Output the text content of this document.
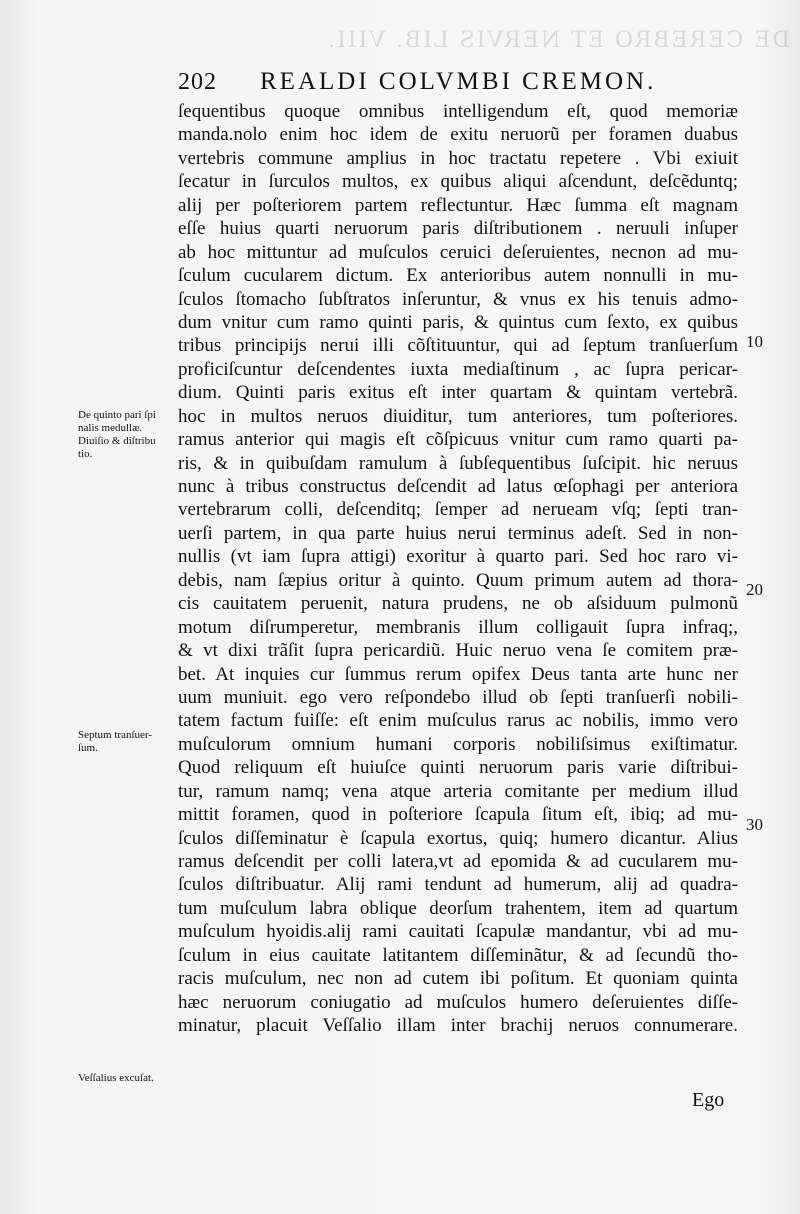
DE CEREBRO ET NERVIS LIB. VIII.
202 REALDI COLVMBI CREMON.
ſequentibus quoque omnibus intelligendum eſt, quod memoriæ
manda.nolo enim hoc idem de exitu neruorũ per foramen duabus
vertebris commune amplius in hoc tractatu repetere . Vbi exiuit
ſecatur in ſurculos multos, ex quibus aliqui aſcendunt, deſcẽduntq;
alij per poſteriorem partem reflectuntur. Hæc ſumma eſt magnam
eſſe huius quarti neruorum paris diſtributionem . neruuli inſuper
ab hoc mittuntur ad muſculos ceruici deſeruientes, necnon ad mu-
ſculum cucularem dictum. Ex anterioribus autem nonnulli in mu-
ſculos ſtomacho ſubſtratos inſeruntur, & vnus ex his tenuis admo-
dum vnitur cum ramo quinti paris, & quintus cum ſexto, ex quibus
tribus principijs nerui illi cõſtituuntur, qui ad ſeptum tranſuerſum
proficiſcuntur deſcendentes iuxta mediaſtinum , ac ſupra pericar-
dium. Quinti paris exitus eſt inter quartam & quintam vertebrã.
hoc in multos neruos diuiditur, tum anteriores, tum poſteriores.
ramus anterior qui magis eſt cõſpicuus vnitur cum ramo quarti pa-
ris, & in quibuſdam ramulum à ſubſequentibus ſuſcipit. hic neruus
nunc à tribus constructus deſcendit ad latus œſophagi per anteriora
vertebrarum colli, deſcenditq; ſemper ad nerueam vſq; ſepti tran-
uerſi partem, in qua parte huius nerui terminus adeſt. Sed in non-
nullis (vt iam ſupra attigi) exoritur à quarto pari. Sed hoc raro vi-
debis, nam ſæpius oritur à quinto. Quum primum autem ad thora-
cis cauitatem peruenit, natura prudens, ne ob aſsiduum pulmonũ
motum diſrumperetur, membranis illum colligauit ſupra infraq;,
& vt dixi trãſit ſupra pericardiũ. Huic neruo vena ſe comitem præ-
bet. At inquies cur ſummus rerum opifex Deus tanta arte hunc ner
uum muniuit. ego vero reſpondebo illud ob ſepti tranſuerſi nobili-
tatem factum fuiſſe: eſt enim muſculus rarus ac nobilis, immo vero
muſculorum omnium humani corporis nobiliſsimus exiſtimatur.
Quod reliquum eſt huiuſce quinti neruorum paris varie diſtribui-
tur, ramum namq; vena atque arteria comitante per medium illud
mittit foramen, quod in poſteriore ſcapula ſitum eſt, ibiq; ad mu-
ſculos diſſeminatur è ſcapula exortus, quiq; humero dicantur. Alius
ramus deſcendit per colli latera,vt ad epomida & ad cucularem mu-
ſculos diſtribuatur. Alij rami tendunt ad humerum, alij ad quadra-
tum muſculum labra oblique deorſum trahentem, item ad quartum
muſculum hyoidis.alij rami cauitati ſcapulæ mandantur, vbi ad mu-
ſculum in eius cauitate latitantem diſſeminãtur, & ad ſecundũ tho-
racis muſculum, nec non ad cutem ibi poſitum. Et quoniam quinta
hæc neruorum coniugatio ad muſculos humero deſeruientes diſſe-
minatur, placuit Veſſalio illam inter brachij neruos connumerare.
De quinto pari ſpi
nalis medullæ.
Diuiſio & diſtribu
tio.
Septum tranſuer-
ſum.
Veſſalius excuſat.
10
20
30
Ego
